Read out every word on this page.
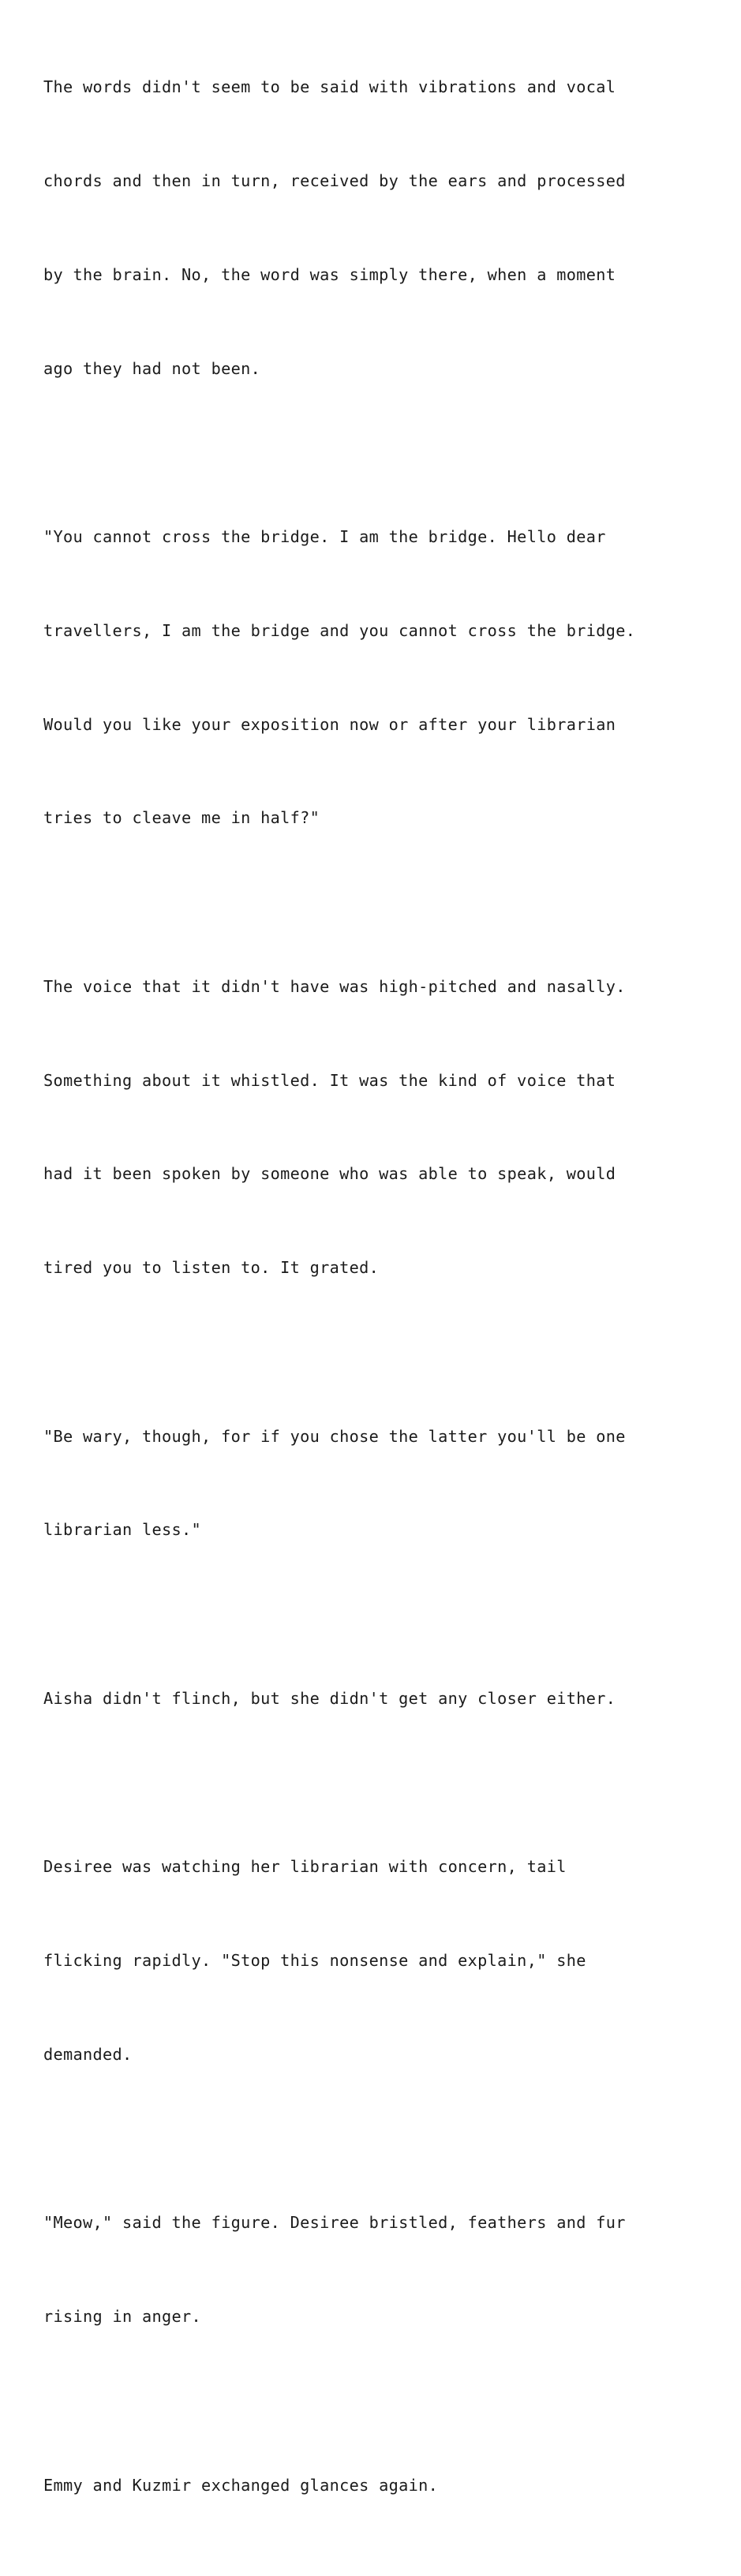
The words didn't seem to be said with vibrations and vocal

chords and then in turn, received by the ears and processed

by the brain. No, the word was simply there, when a moment

ago they had not been.

"You cannot cross the bridge. I am the bridge. Hello dear

travellers, I am the bridge and you cannot cross the bridge.

Would you like your exposition now or after your librarian

tries to cleave me in half?"

The voice that it didn't have was high-pitched and nasally.

Something about it whistled. It was the kind of voice that

had it been spoken by someone who was able to speak, would

tired you to listen to. It grated.

"Be wary, though, for if you chose the latter you'll be one

librarian less."

Aisha didn't flinch, but she didn't get any closer either.

Desiree was watching her librarian with concern, tail

flicking rapidly. "Stop this nonsense and explain," she

demanded.

"Meow," said the figure. Desiree bristled, feathers and fur

rising in anger.

Emmy and Kuzmir exchanged glances again.
